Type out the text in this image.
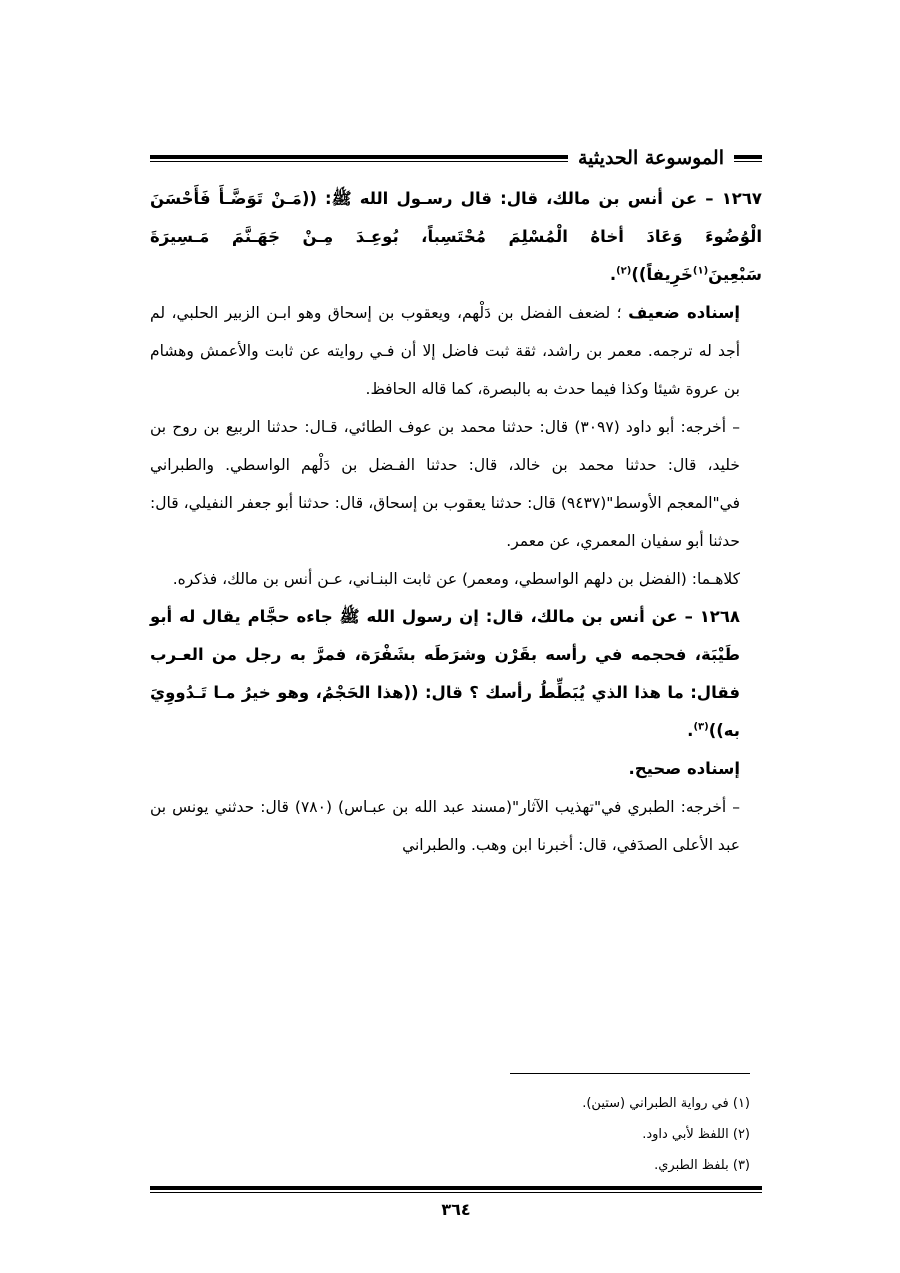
الموسوعة الحديثية

١٢٦٧ – عن أنس بن مالك، قال: قال رسـول الله ﷺ: ((مَـنْ تَوَضَّـأَ فَأَحْسَنَ الْوُضُوءَ وَعَادَ أخاهُ الْمُسْلِمَ مُحْتَسِباً، بُوعِـدَ مِـنْ جَهَـنَّمَ مَـسِيرَةَ سَبْعِينَ$^{(١)}$خَرِيفاً))$^{(٢)}$.

إسناده ضعيف ؛ لضعف الفضل بن دَلْهم، ويعقوب بن إسحاق وهو ابـن الزبير الحلبي، لم أجد له ترجمه. معمر بن راشد، ثقة ثبت فاضل إلا أن فـي روايته عن ثابت والأعمش وهشام بن عروة شيئا وكذا فيما حدث به بالبصرة، كما قاله الحافظ.

– أخرجه: أبو داود (٣٠٩٧) قال: حدثنا محمد بن عوف الطائي، قـال: حدثنا الربيع بن روح بن خليد، قال: حدثنا محمد بن خالد، قال: حدثنا الفـضل بن دَلْهم الواسطي. والطبراني في"المعجم الأوسط"(٩٤٣٧) قال: حدثنا يعقوب بن إسحاق، قال: حدثنا أبو جعفر النفيلي، قال: حدثنا أبو سفيان المعمري، عن معمر.

كلاهـما: (الفضل بن دلهم الواسطي، ومعمر) عن ثابت البنـاني، عـن أنس بن مالك، فذكره.

١٢٦٨ – عن أنس بن مالك، قال: إن رسول الله ﷺ جاءه حجَّام يقال له أبو طَيْبَة، فحجمه في رأسه بقَرْن وشرَطَه بشَفْرَة، فمرَّ به رجل من العـرب فقال: ما هذا الذي يُبَطِّطُ رأسك ؟ قال: ((هذا الحَجْمُ، وهو خيرُ مـا تَـدُووِيَ به))$^{(٣)}$.

إسناده صحيح.

– أخرجه: الطبري في"تهذيب الآثار"(مسند عبد الله بن عبـاس) (٧٨٠) قال: حدثني يونس بن عبد الأعلى الصدَفي، قال: أخبرنا ابن وهب. والطبراني

(١) في رواية الطبراني (ستين).
(٢) اللفظ لأبي داود.
(٣) بلفظ الطبري.
٣٦٤
